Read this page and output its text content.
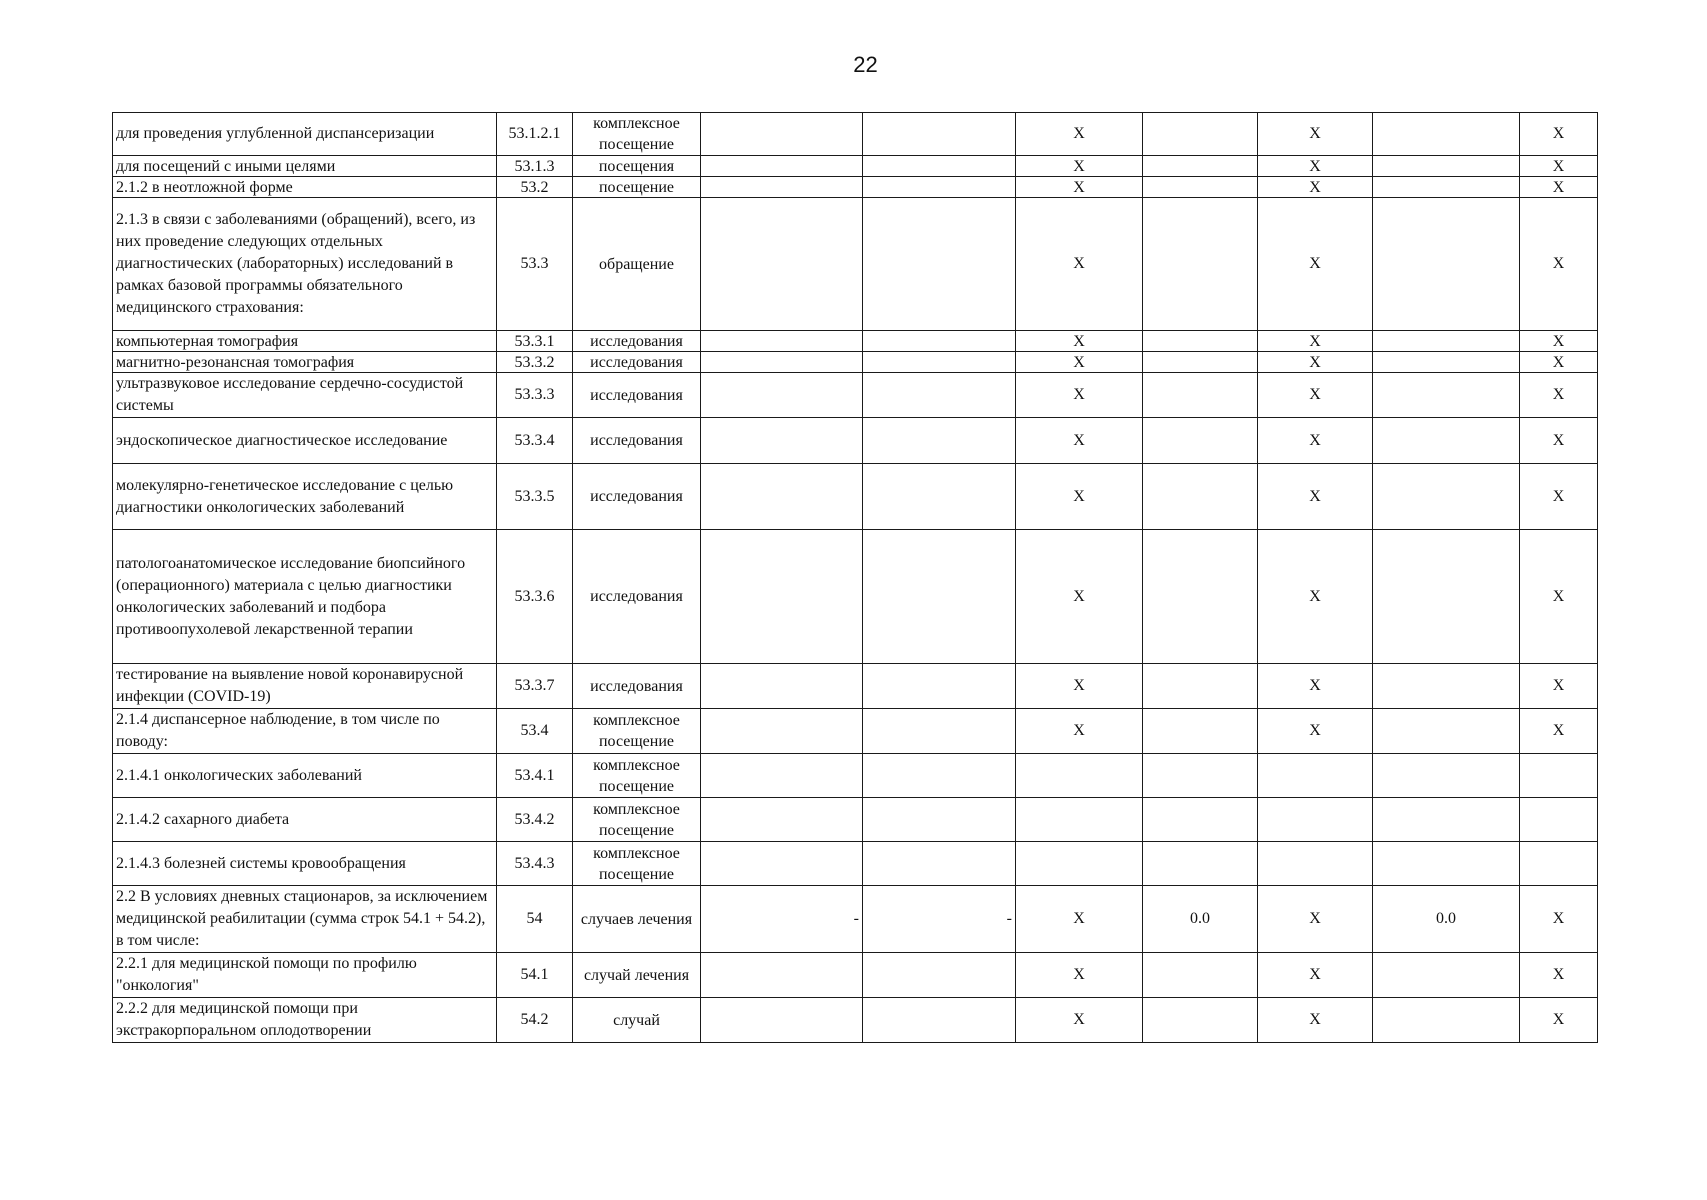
22
для проведения углубленной диспансеризации	53.1.2.1	комплексное посещение			X		X		X
для посещений с иными целями	53.1.3	посещения			X		X		X
2.1.2 в неотложной форме	53.2	посещение			X		X		X
2.1.3 в связи с заболеваниями (обращений), всего, из них проведение следующих отдельных диагностических (лабораторных) исследований в рамках базовой программы обязательного медицинского страхования:	53.3	обращение			X		X		X
компьютерная томография	53.3.1	исследования			X		X		X
магнитно-резонансная томография	53.3.2	исследования			X		X		X
ультразвуковое исследование сердечно-сосудистой системы	53.3.3	исследования			X		X		X
эндоскопическое диагностическое исследование	53.3.4	исследования			X		X		X
молекулярно-генетическое исследование с целью диагностики онкологических заболеваний	53.3.5	исследования			X		X		X
патологоанатомическое исследование биопсийного (операционного) материала с целью диагностики онкологических заболеваний и подбора противоопухолевой лекарственной терапии	53.3.6	исследования			X		X		X
тестирование на выявление новой коронавирусной инфекции (COVID-19)	53.3.7	исследования			X		X		X
2.1.4 диспансерное наблюдение, в том числе по поводу:	53.4	комплексное посещение			X		X		X
2.1.4.1 онкологических заболеваний	53.4.1	комплексное посещение							
2.1.4.2 сахарного диабета	53.4.2	комплексное посещение							
2.1.4.3 болезней системы кровообращения	53.4.3	комплексное посещение							
2.2 В условиях дневных стационаров, за исключением медицинской реабилитации (сумма строк 54.1 + 54.2), в том числе:	54	случаев лечения	-	-	X	0.0	X	0.0	X
2.2.1 для медицинской помощи по профилю "онкология"	54.1	случай лечения			X		X		X
2.2.2 для медицинской помощи при экстракорпоральном оплодотворении	54.2	случай			X		X		X
